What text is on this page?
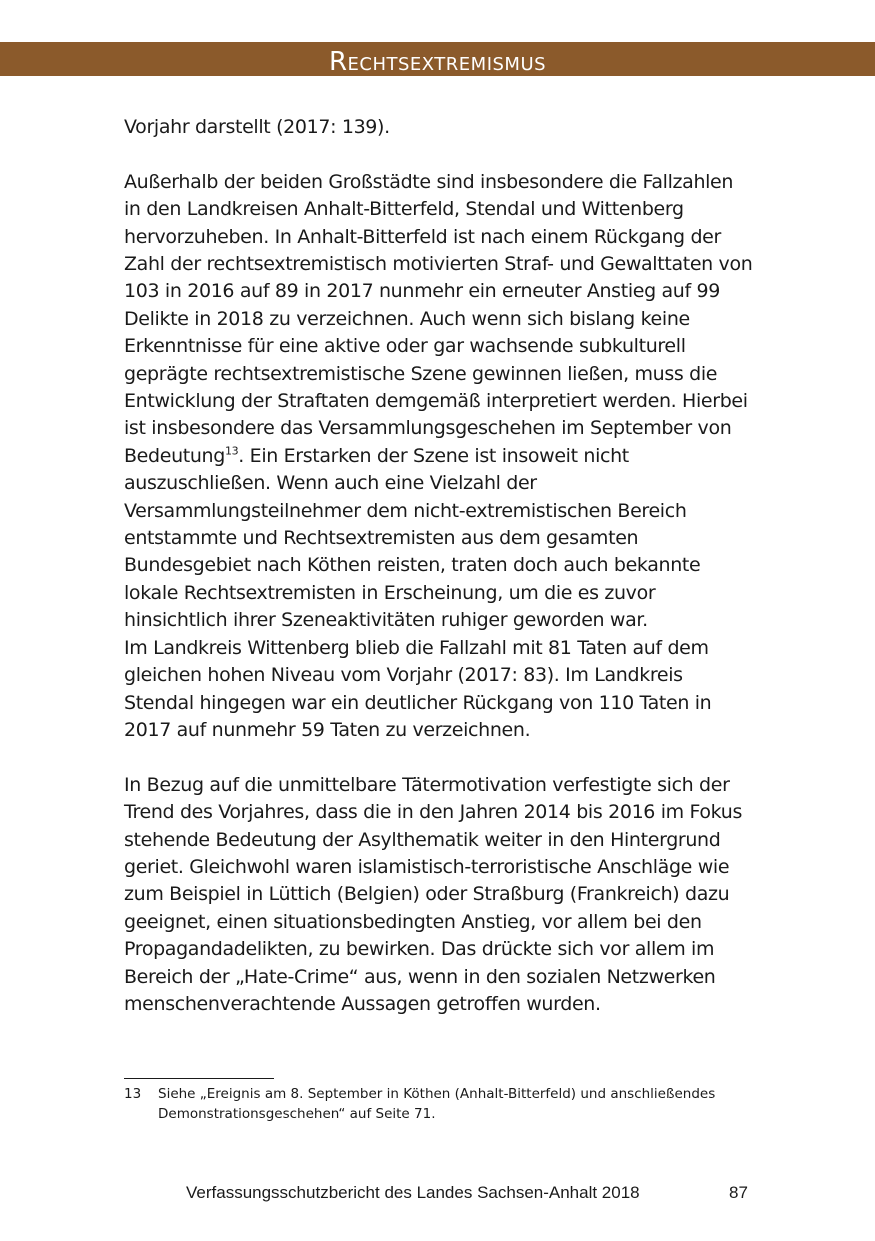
Rechtsextremismus

Vorjahr darstellt (2017: 139).

Außerhalb der beiden Großstädte sind insbesondere die Fallzahlen in den Landkreisen Anhalt-Bitterfeld, Stendal und Wittenberg hervorzuheben. In Anhalt-Bitterfeld ist nach einem Rückgang der Zahl der rechtsextremistisch motivierten Straf- und Gewalttaten von 103 in 2016 auf 89 in 2017 nunmehr ein erneuter Anstieg auf 99 Delikte in 2018 zu verzeichnen. Auch wenn sich bislang keine Erkenntnisse für eine aktive oder gar wachsende subkulturell geprägte rechtsextremistische Szene gewinnen ließen, muss die Entwicklung der Straftaten demgemäß interpretiert werden. Hierbei ist insbesondere das Versammlungsgeschehen im September von Bedeutung$^{13}$. Ein Erstarken der Szene ist insoweit nicht auszuschließen. Wenn auch eine Vielzahl der Versammlungsteilnehmer dem nicht-extremistischen Bereich entstammte und Rechtsextremisten aus dem gesamten Bundesgebiet nach Köthen reisten, traten doch auch bekannte lokale Rechtsextremisten in Erscheinung, um die es zuvor hinsichtlich ihrer Szeneaktivitäten ruhiger geworden war.

Im Landkreis Wittenberg blieb die Fallzahl mit 81 Taten auf dem gleichen hohen Niveau vom Vorjahr (2017: 83). Im Landkreis Stendal hingegen war ein deutlicher Rückgang von 110 Taten in 2017 auf nunmehr 59 Taten zu verzeichnen.

In Bezug auf die unmittelbare Tätermotivation verfestigte sich der Trend des Vorjahres, dass die in den Jahren 2014 bis 2016 im Fokus stehende Bedeutung der Asylthematik weiter in den Hintergrund geriet. Gleichwohl waren islamistisch-terroristische Anschläge wie zum Beispiel in Lüttich (Belgien) oder Straßburg (Frankreich) dazu geeignet, einen situationsbedingten Anstieg, vor allem bei den Propagandadelikten, zu bewirken. Das drückte sich vor allem im Bereich der „Hate-Crime“ aus, wenn in den sozialen Netzwerken menschenverachtende Aussagen getroffen wurden.

13 Siehe „Ereignis am 8. September in Köthen (Anhalt-Bitterfeld) und anschließendes Demonstrationsgeschehen“ auf Seite 71.
Verfassungsschutzbericht des Landes Sachsen-Anhalt 2018	87
